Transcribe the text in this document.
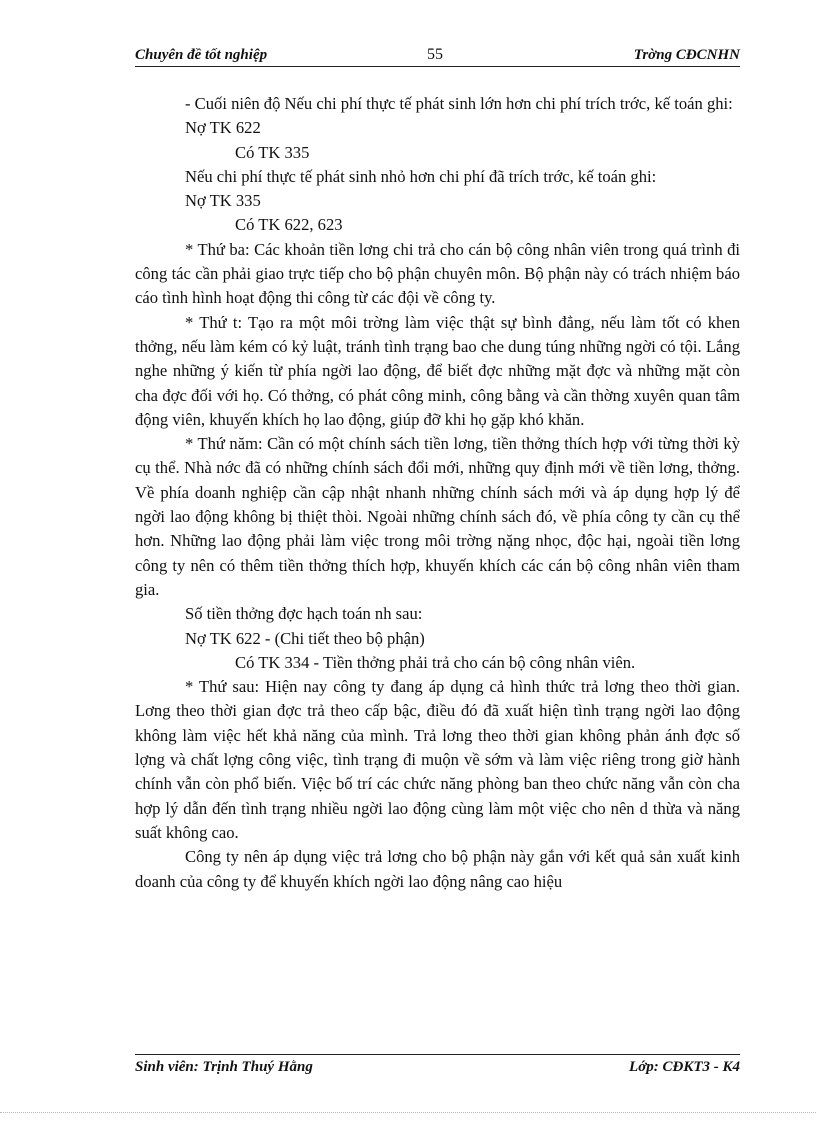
Chuyên đề tốt nghiệp	55	Trờng CĐCNHN

- Cuối niên độ Nếu chi phí thực tế phát sinh lớn hơn chi phí trích trớc, kế toán ghi:

Nợ TK 622

Có TK 335

Nếu chi phí thực tế phát sinh nhỏ hơn chi phí đã trích trớc, kế toán ghi:

Nợ TK 335

Có TK 622, 623

* Thứ ba: Các khoản tiền lơng chi trả cho cán bộ công nhân viên trong quá trình đi công tác cần phải giao trực tiếp cho bộ phận chuyên môn. Bộ phận này có trách nhiệm báo cáo tình hình hoạt động thi công từ các đội về công ty.

* Thứ t: Tạo ra một môi trờng làm việc thật sự bình đẳng, nếu làm tốt có khen thởng, nếu làm kém có kỷ luật, tránh tình trạng bao che dung túng những ngời có tội. Lắng nghe những ý kiến từ phía ngời lao động, để biết đợc những mặt đợc và những mặt còn cha đợc đối với họ. Có thởng, có phát công minh, công bằng và cần thờng xuyên quan tâm động viên, khuyến khích họ lao động, giúp đỡ khi họ gặp khó khăn.

* Thứ năm: Cần có một chính sách tiền lơng, tiền thởng thích hợp với từng thời kỳ cụ thể. Nhà nớc đã có những chính sách đổi mới, những quy định mới về tiền lơng, thởng. Về phía doanh nghiệp cần cập nhật nhanh những chính sách mới và áp dụng hợp lý để ngời lao động không bị thiệt thòi. Ngoài những chính sách đó, về phía công ty cần cụ thể hơn. Những lao động phải làm việc trong môi trờng nặng nhọc, độc hại, ngoài tiền lơng công ty nên có thêm tiền thởng thích hợp, khuyến khích các cán bộ công nhân viên tham gia.

Số tiền thởng đợc hạch toán nh sau:

Nợ TK 622 - (Chi tiết theo bộ phận)

Có TK 334 - Tiền thởng phải trả cho cán bộ công nhân viên.

* Thứ sau: Hiện nay công ty đang áp dụng cả hình thức trả lơng theo thời gian. Lơng theo thời gian đợc trả theo cấp bậc, điều đó đã xuất hiện tình trạng ngời lao động không làm việc hết khả năng của mình. Trả lơng theo thời gian không phản ánh đợc số lợng và chất lợng công việc, tình trạng đi muộn về sớm và làm việc riêng trong giờ hành chính vẫn còn phổ biến. Việc bố trí các chức năng phòng ban theo chức năng vẫn còn cha hợp lý dẫn đến tình trạng nhiều ngời lao động cùng làm một việc cho nên d thừa và năng suất không cao.

Công ty nên áp dụng việc trả lơng cho bộ phận này gắn với kết quả sản xuất kinh doanh của công ty để khuyến khích ngời lao động nâng cao hiệu

Sinh viên: Trịnh Thuý Hằng	Lớp: CĐKT3 - K4
